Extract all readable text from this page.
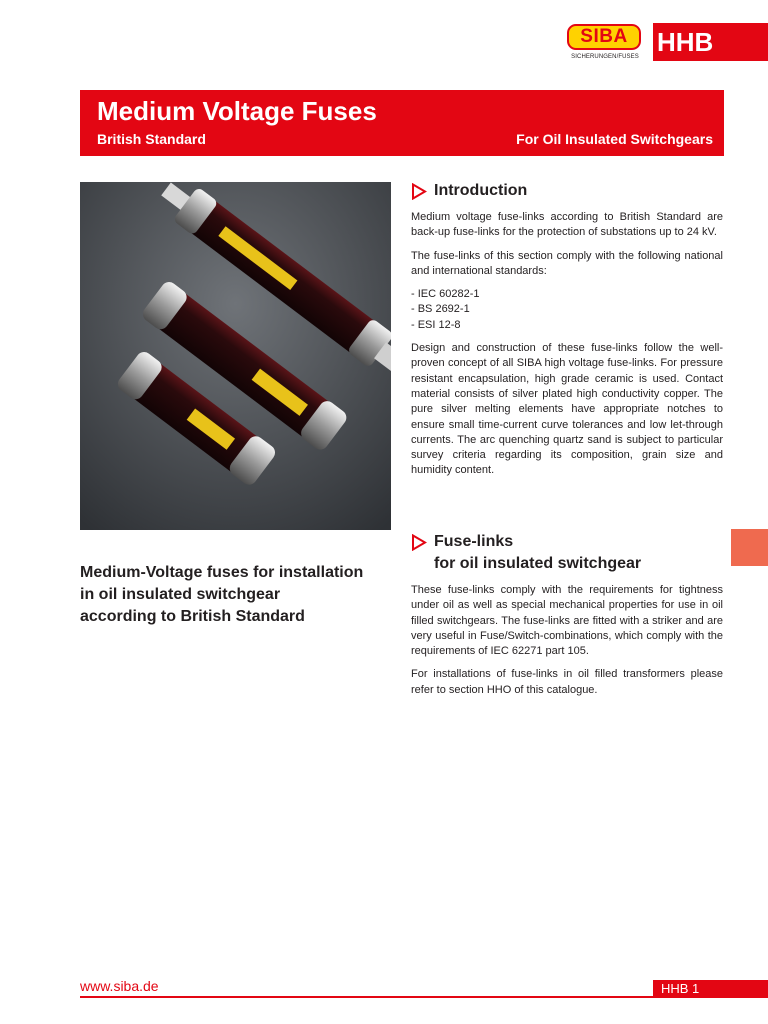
SIBA
SICHERUNGEN/FUSES HHB
Medium Voltage Fuses
British Standard	For Oil Insulated Switchgears
Medium-Voltage fuses for installation
in oil insulated switchgear
according to British Standard
Introduction

Medium voltage fuse-links according to British Standard are back-up fuse-links for the protection of substations up to 24 kV.

The fuse-links of this section comply with the following national and international standards:

- IEC 60282-1
- BS 2692-1
- ESI 12-8

Design and construction of these fuse-links follow the well-proven concept of all SIBA high voltage fuse-links. For pressure resistant encapsulation, high grade ceramic is used. Contact material consists of silver plated high conductivity copper. The pure silver melting elements have appropriate notches to ensure small time-current curve tolerances and low let-through currents. The arc quenching quartz sand is subject to particular survey criteria regarding its composition, grain size and humidity content.

Fuse-links
for oil insulated switchgear

These fuse-links comply with the requirements for tightness under oil as well as special mechanical properties for use in oil filled switchgears. The fuse-links are fitted with a striker and are very useful in Fuse/Switch-combinations, which comply with the requirements of IEC 62271 part 105.

For installations of fuse-links in oil filled transformers please refer to section HHO of this catalogue.

www.siba.de	HHB 1
